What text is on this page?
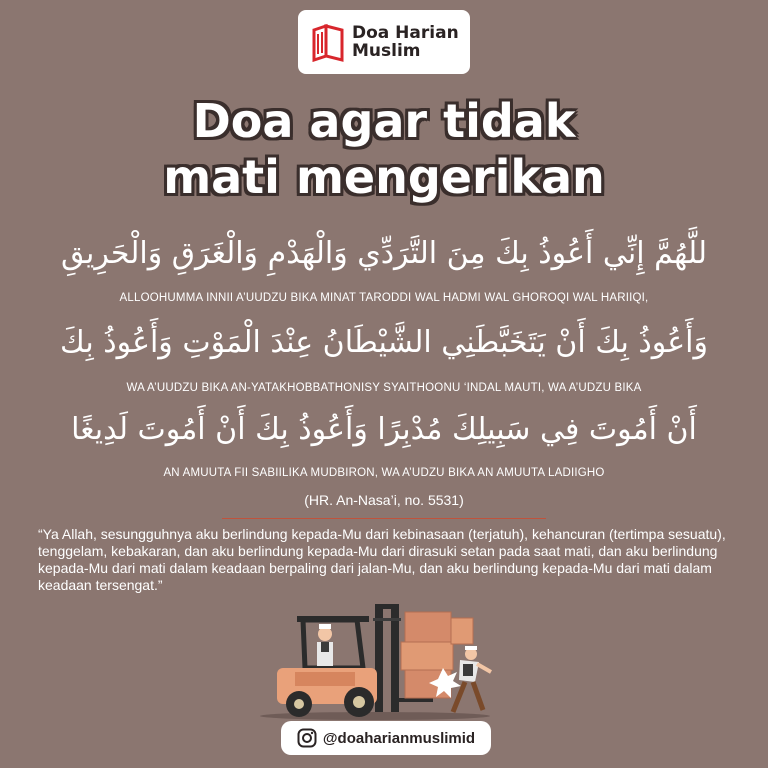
Doa Harian
Muslim
Doa agar tidak
mati mengerikan
للَّهُمَّ إِنِّي أَعُوذُ بِكَ مِنَ التَّرَدِّي وَالْهَدْمِ وَالْغَرَقِ وَالْحَرِيقِ
ALLOOHUMMA INNII A’UUDZU BIKA MINAT TARODDI WAL HADMI WAL GHOROQI WAL HARIIQI,
وَأَعُوذُ بِكَ أَنْ يَتَخَبَّطَنِي الشَّيْطَانُ عِنْدَ الْمَوْتِ وَأَعُوذُ بِكَ
WA A’UUDZU BIKA AN-YATAKHOBBATHONISY SYAITHOONU ‘INDAL MAUTI, WA A’UDZU BIKA
أَنْ أَمُوتَ فِي سَبِيلِكَ مُدْبِرًا وَأَعُوذُ بِكَ أَنْ أَمُوتَ لَدِيغًا
AN AMUUTA FII SABIILIKA MUDBIRON, WA A’UDZU BIKA AN AMUUTA LADIIGHO
(HR. An-Nasa’i, no. 5531)
“Ya Allah, sesungguhnya aku berlindung kepada-Mu dari kebinasaan (terjatuh), kehancuran (tertimpa sesuatu), tenggelam, kebakaran, dan aku berlindung kepada-Mu dari dirasuki setan pada saat mati, dan aku berlindung kepada-Mu dari mati dalam keadaan berpaling dari jalan-Mu, dan aku berlindung kepada-Mu dari mati dalam keadaan tersengat.”
@doaharianmuslimid
